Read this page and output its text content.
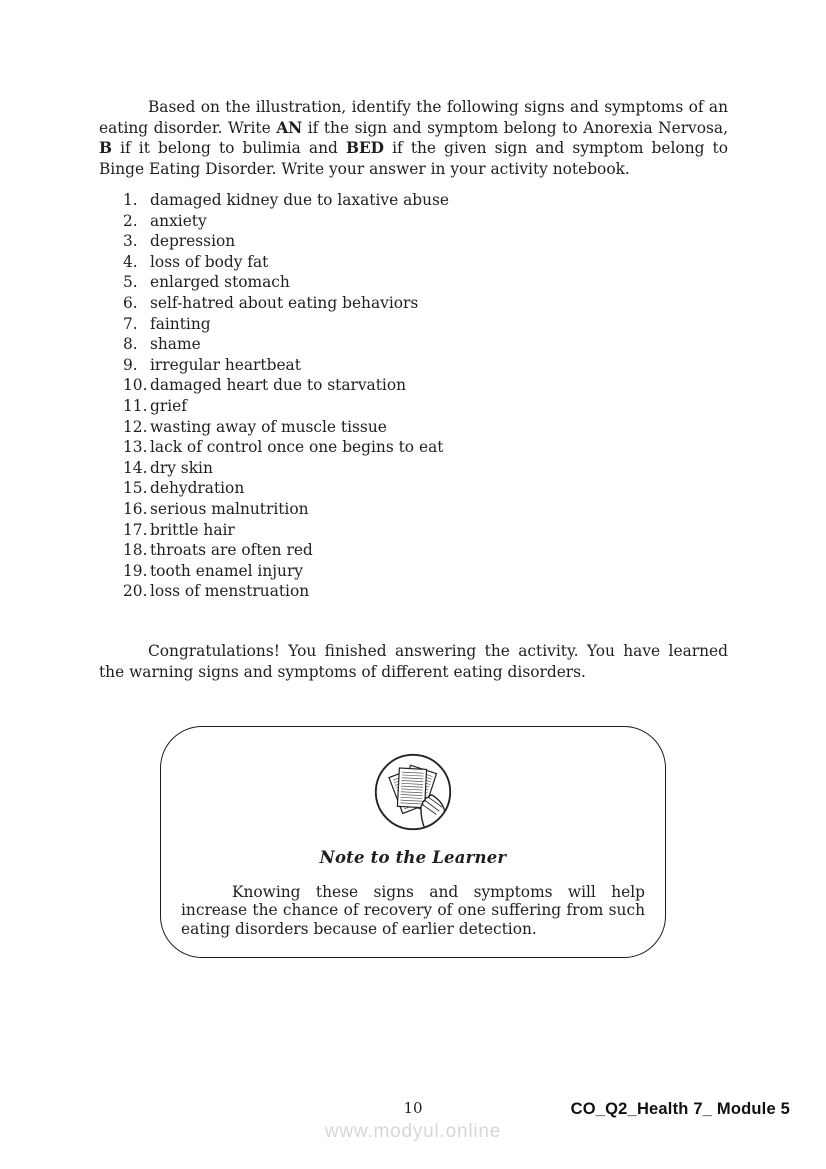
Based on the illustration, identify the following signs and symptoms of an eating disorder. Write AN if the sign and symptom belong to Anorexia Nervosa, B if it belong to bulimia and BED if the given sign and symptom belong to Binge Eating Disorder. Write your answer in your activity notebook.

1. damaged kidney due to laxative abuse
2. anxiety
3. depression
4. loss of body fat
5. enlarged stomach
6. self-hatred about eating behaviors
7. fainting
8. shame
9. irregular heartbeat
10. damaged heart due to starvation
11. grief
12. wasting away of muscle tissue
13. lack of control once one begins to eat
14. dry skin
15. dehydration
16. serious malnutrition
17. brittle hair
18. throats are often red
19. tooth enamel injury
20. loss of menstruation

Congratulations! You finished answering the activity. You have learned the warning signs and symptoms of different eating disorders.

Note to the Learner

Knowing these signs and symptoms will help increase the chance of recovery of one suffering from such eating disorders because of earlier detection.

10
www.modyul.online
CO_Q2_Health 7_ Module 5
